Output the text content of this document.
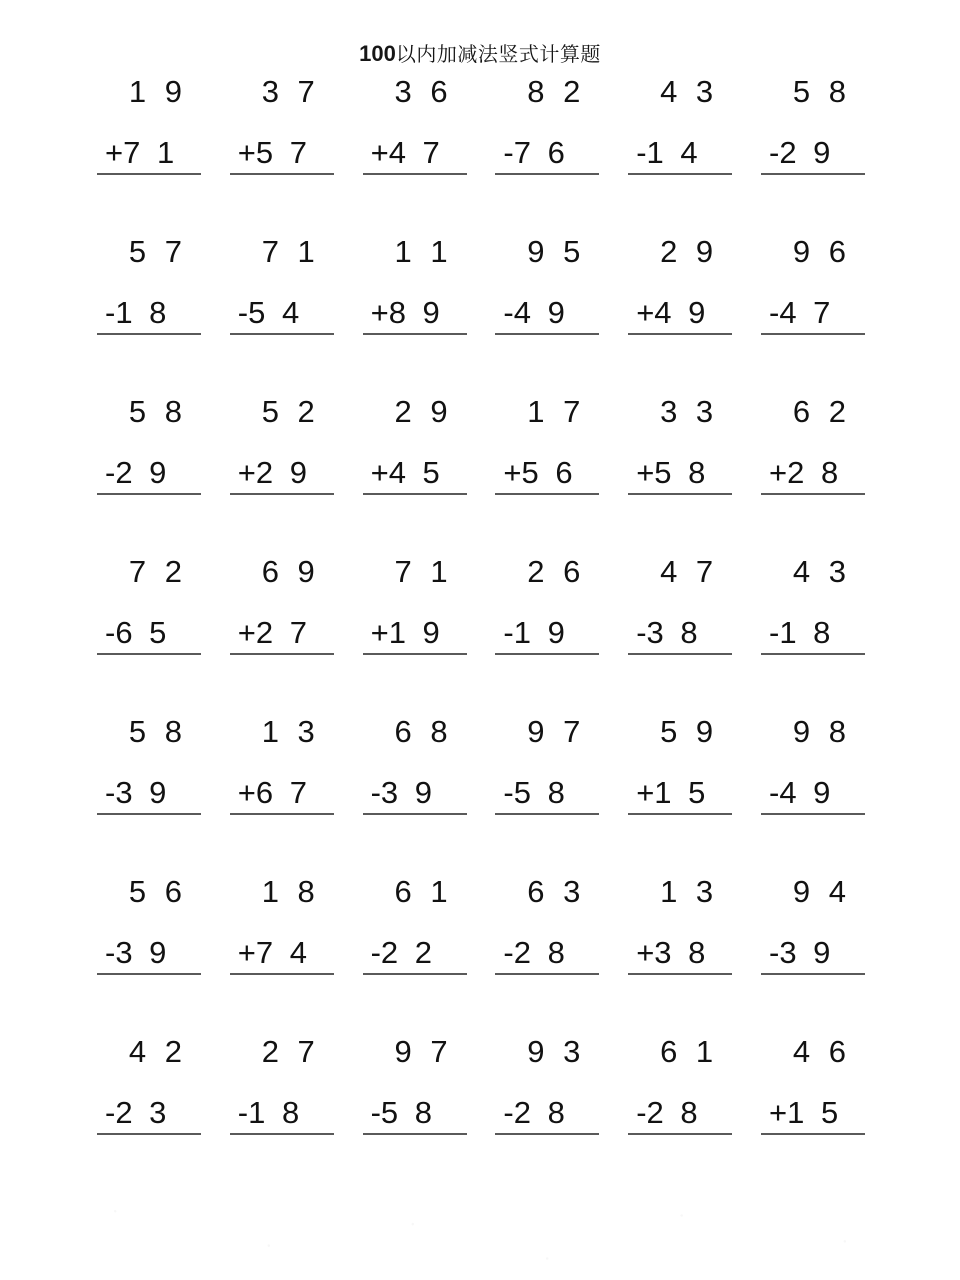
100以内加减法竖式计算题
1 9
+7 1
3 7
+5 7
3 6
+4 7
8 2
-7 6
4 3
-1 4
5 8
-2 9
5 7
-1 8
7 1
-5 4
1 1
+8 9
9 5
-4 9
2 9
+4 9
9 6
-4 7
5 8
-2 9
5 2
+2 9
2 9
+4 5
1 7
+5 6
3 3
+5 8
6 2
+2 8
7 2
-6 5
6 9
+2 7
7 1
+1 9
2 6
-1 9
4 7
-3 8
4 3
-1 8
5 8
-3 9
1 3
+6 7
6 8
-3 9
9 7
-5 8
5 9
+1 5
9 8
-4 9
5 6
-3 9
1 8
+7 4
6 1
-2 2
6 3
-2 8
1 3
+3 8
9 4
-3 9
4 2
-2 3
2 7
-1 8
9 7
-5 8
9 3
-2 8
6 1
-2 8
4 6
+1 5
